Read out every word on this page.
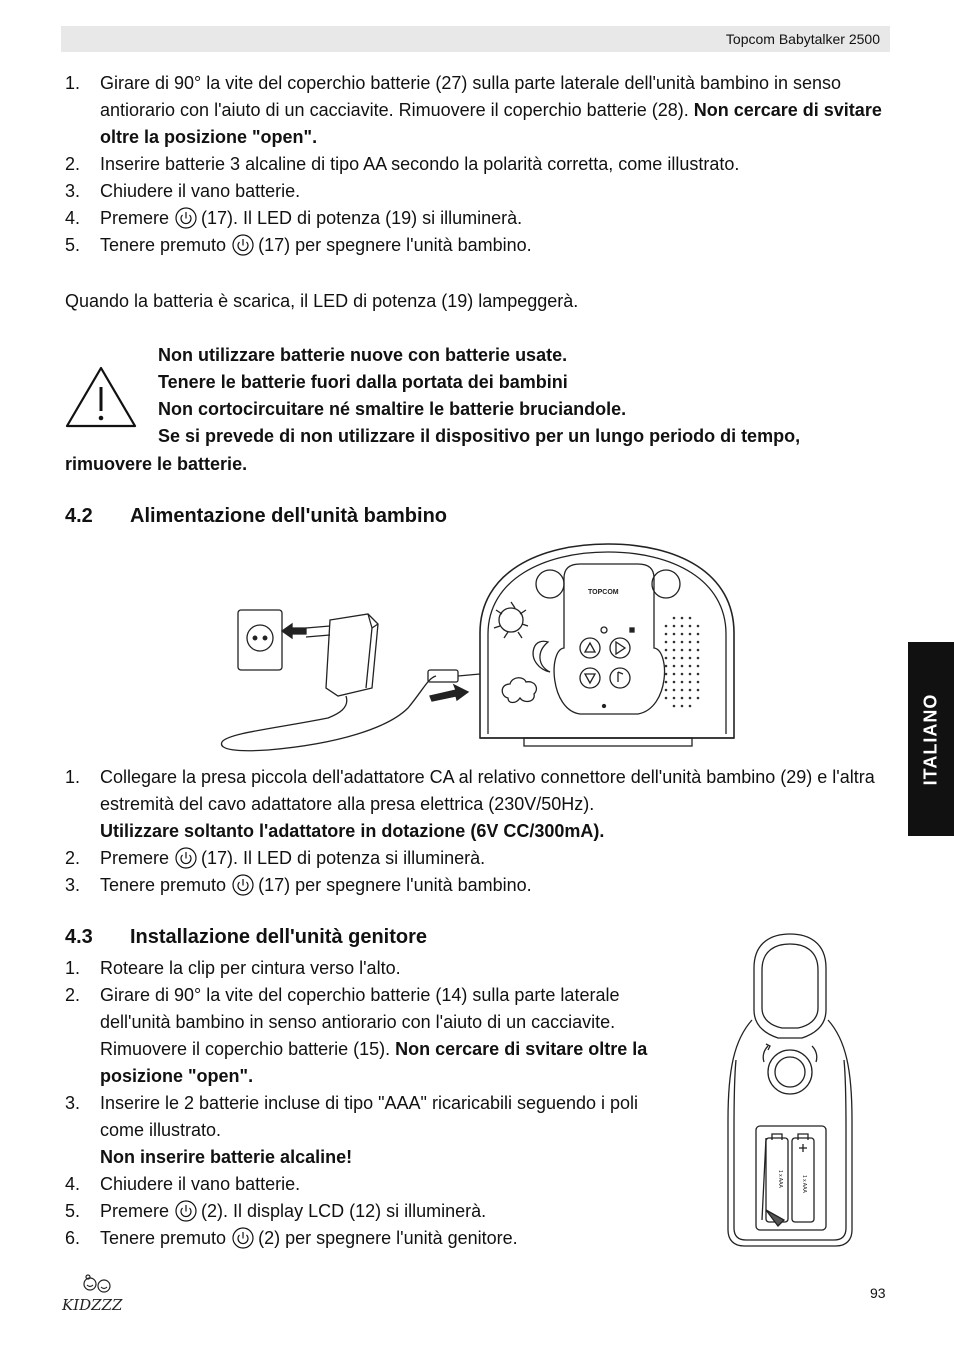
Topcom Babytalker 2500
1. Girare di 90° la vite del coperchio batterie (27) sulla parte laterale dell'unità bambino in senso antiorario con l'aiuto di un cacciavite. Rimuovere il coperchio batterie (28). Non cercare di svitare oltre la posizione "open".
2. Inserire batterie 3 alcaline di tipo AA secondo la polarità corretta, come illustrato.
3. Chiudere il vano batterie.
4. Premere (17). Il LED di potenza (19) si illuminerà.
5. Tenere premuto (17) per spegnere l'unità bambino.
Quando la batteria è scarica, il LED di potenza (19) lampeggerà.
Non utilizzare batterie nuove con batterie usate.
Tenere le batterie fuori dalla portata dei bambini
Non cortocircuitare né smaltire le batterie bruciandole.
Se si prevede di non utilizzare il dispositivo per un lungo periodo di tempo,
rimuovere le batterie.
4.2 Alimentazione dell'unità bambino
TOPCOM
1. Collegare la presa piccola dell'adattatore CA al relativo connettore dell'unità bambino (29) e l'altra estremità del cavo adattatore alla presa elettrica (230V/50Hz).
Utilizzare soltanto l'adattatore in dotazione (6V CC/300mA).
2. Premere (17). Il LED di potenza si illuminerà.
3. Tenere premuto (17) per spegnere l'unità bambino.
4.3 Installazione dell'unità genitore
1. Roteare la clip per cintura verso l'alto.
2. Girare di 90° la vite del coperchio batterie (14) sulla parte laterale dell'unità bambino in senso antiorario con l'aiuto di un cacciavite. Rimuovere il coperchio batterie (15). Non cercare di svitare oltre la posizione "open".
3. Inserire le 2 batterie incluse di tipo "AAA" ricaricabili seguendo i poli come illustrato.
Non inserire batterie alcaline!
4. Chiudere il vano batterie.
5. Premere (2). Il display LCD (12) si illuminerà.
6. Tenere premuto (2) per spegnere l'unità genitore.
1 x AAA	1 x AAA
ITALIANO
KIDZZZ
93
